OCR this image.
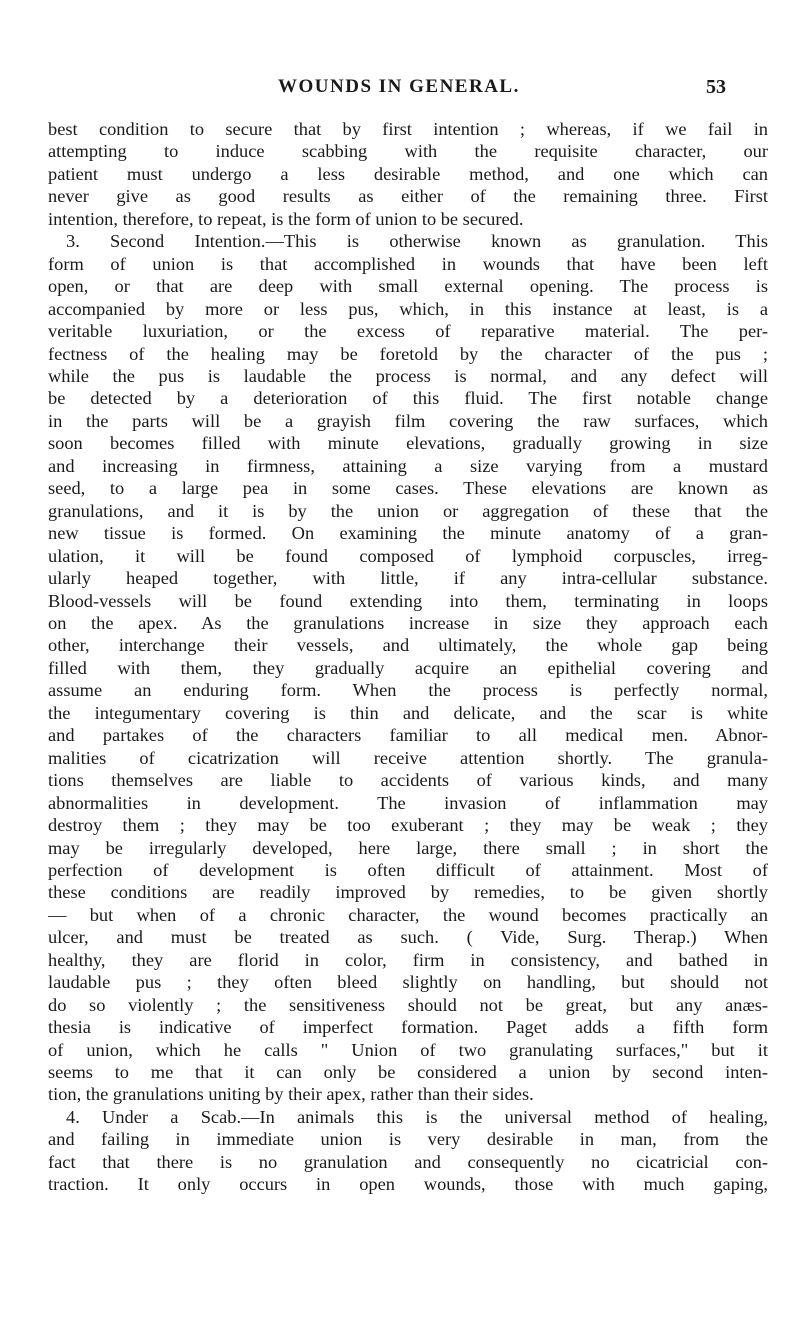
WOUNDS IN GENERAL.	53
best condition to secure that by first intention ; whereas, if we fail in
attempting to induce scabbing with the requisite character, our
patient must undergo a less desirable method, and one which can
never give as good results as either of the remaining three. First
intention, therefore, to repeat, is the form of union to be secured.
3. Second Intention.—This is otherwise known as granulation. This
form of union is that accomplished in wounds that have been left
open, or that are deep with small external opening. The process is
accompanied by more or less pus, which, in this instance at least, is a
veritable luxuriation, or the excess of reparative material. The per-
fectness of the healing may be foretold by the character of the pus ;
while the pus is laudable the process is normal, and any defect will
be detected by a deterioration of this fluid. The first notable change
in the parts will be a grayish film covering the raw surfaces, which
soon becomes filled with minute elevations, gradually growing in size
and increasing in firmness, attaining a size varying from a mustard
seed, to a large pea in some cases. These elevations are known as
granulations, and it is by the union or aggregation of these that the
new tissue is formed. On examining the minute anatomy of a gran-
ulation, it will be found composed of lymphoid corpuscles, irreg-
ularly heaped together, with little, if any intra-cellular substance.
Blood-vessels will be found extending into them, terminating in loops
on the apex. As the granulations increase in size they approach each
other, interchange their vessels, and ultimately, the whole gap being
filled with them, they gradually acquire an epithelial covering and
assume an enduring form. When the process is perfectly normal,
the integumentary covering is thin and delicate, and the scar is white
and partakes of the characters familiar to all medical men. Abnor-
malities of cicatrization will receive attention shortly. The granula-
tions themselves are liable to accidents of various kinds, and many
abnormalities in development. The invasion of inflammation may
destroy them ; they may be too exuberant ; they may be weak ; they
may be irregularly developed, here large, there small ; in short the
perfection of development is often difficult of attainment. Most of
these conditions are readily improved by remedies, to be given shortly
— but when of a chronic character, the wound becomes practically an
ulcer, and must be treated as such. ( Vide, Surg. Therap.) When
healthy, they are florid in color, firm in consistency, and bathed in
laudable pus ; they often bleed slightly on handling, but should not
do so violently ; the sensitiveness should not be great, but any anæs-
thesia is indicative of imperfect formation. Paget adds a fifth form
of union, which he calls " Union of two granulating surfaces," but it
seems to me that it can only be considered a union by second inten-
tion, the granulations uniting by their apex, rather than their sides.
4. Under a Scab.—In animals this is the universal method of healing,
and failing in immediate union is very desirable in man, from the
fact that there is no granulation and consequently no cicatricial con-
traction. It only occurs in open wounds, those with much gaping,
